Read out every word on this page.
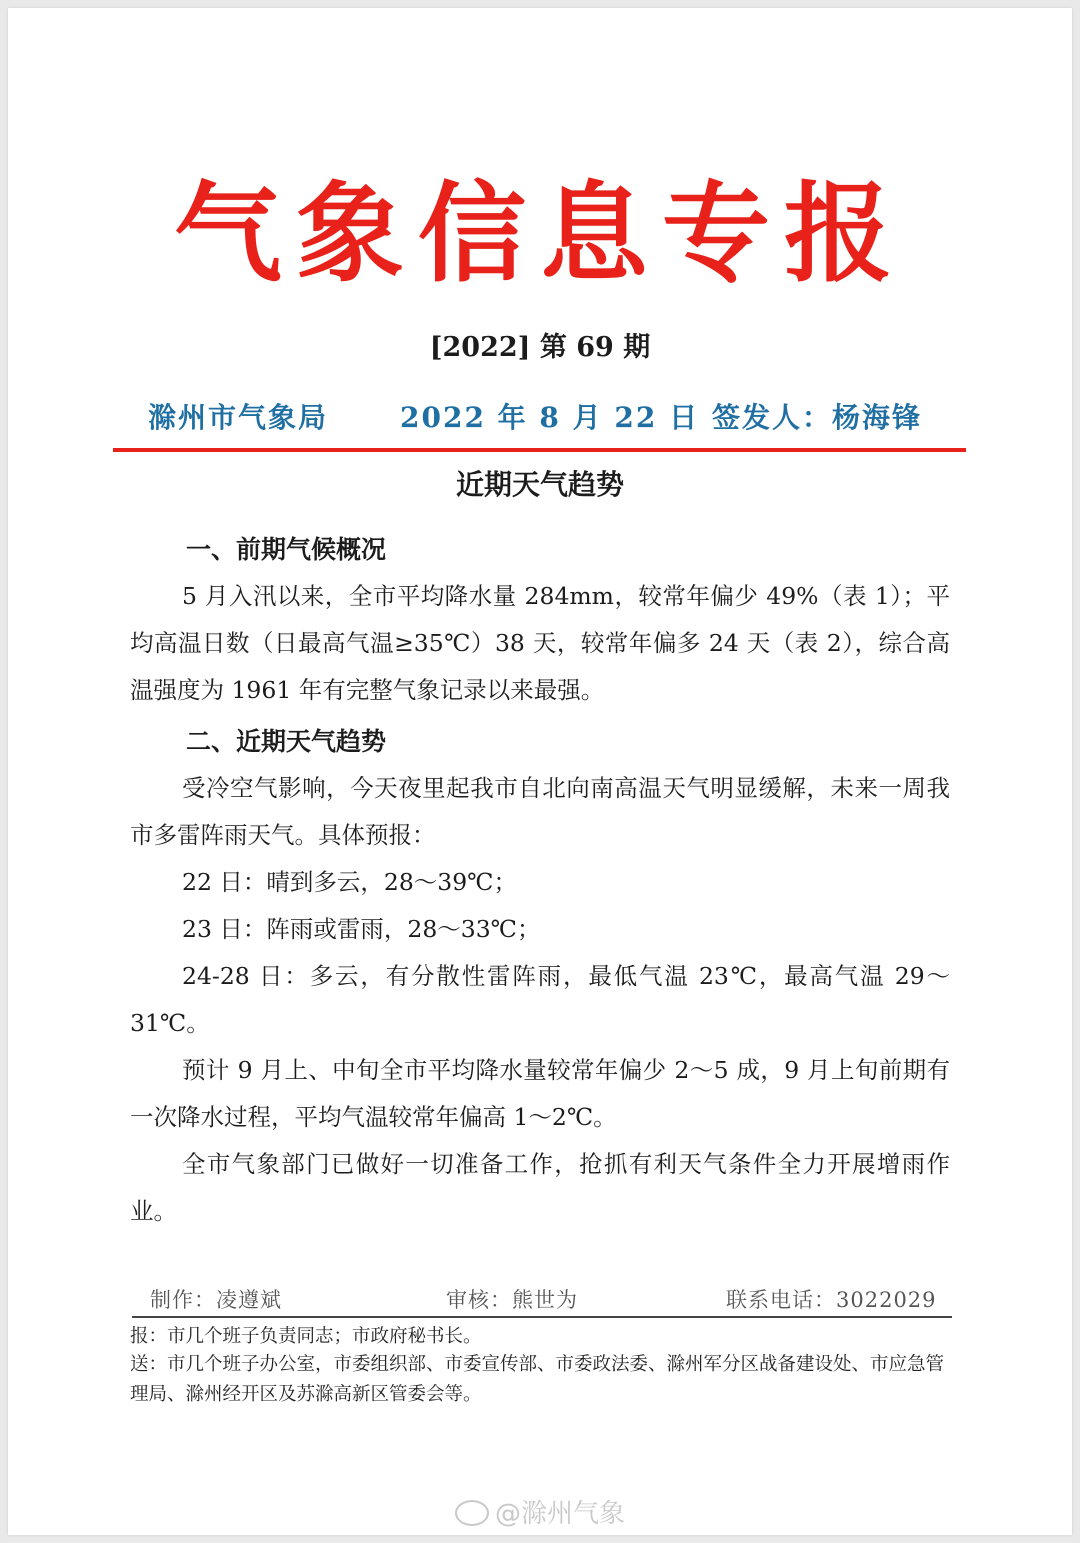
气象信息专报
[2022] 第 69 期
滁州市气象局	2022 年 8 月 22 日 签发人：杨海锋
近期天气趋势
一、前期气候概况
5 月入汛以来，全市平均降水量 284mm，较常年偏少 49%（表 1）；平均高温日数（日最高气温≥35℃）38 天，较常年偏多 24 天（表 2），综合高温强度为 1961 年有完整气象记录以来最强。
二、近期天气趋势
受冷空气影响，今天夜里起我市自北向南高温天气明显缓解，未来一周我市多雷阵雨天气。具体预报：
22 日：晴到多云，28～39℃；
23 日：阵雨或雷雨，28～33℃；
24-28 日：多云，有分散性雷阵雨，最低气温 23℃，最高气温 29～31℃。
预计 9 月上、中旬全市平均降水量较常年偏少 2～5 成，9 月上旬前期有一次降水过程，平均气温较常年偏高 1～2℃。
全市气象部门已做好一切准备工作，抢抓有利天气条件全力开展增雨作业。
制作：凌遵斌	审核：熊世为	联系电话：3022029
报：市几个班子负责同志；市政府秘书长。
送：市几个班子办公室，市委组织部、市委宣传部、市委政法委、滁州军分区战备建设处、市应急管理局、滁州经开区及苏滁高新区管委会等。
@滁州气象
